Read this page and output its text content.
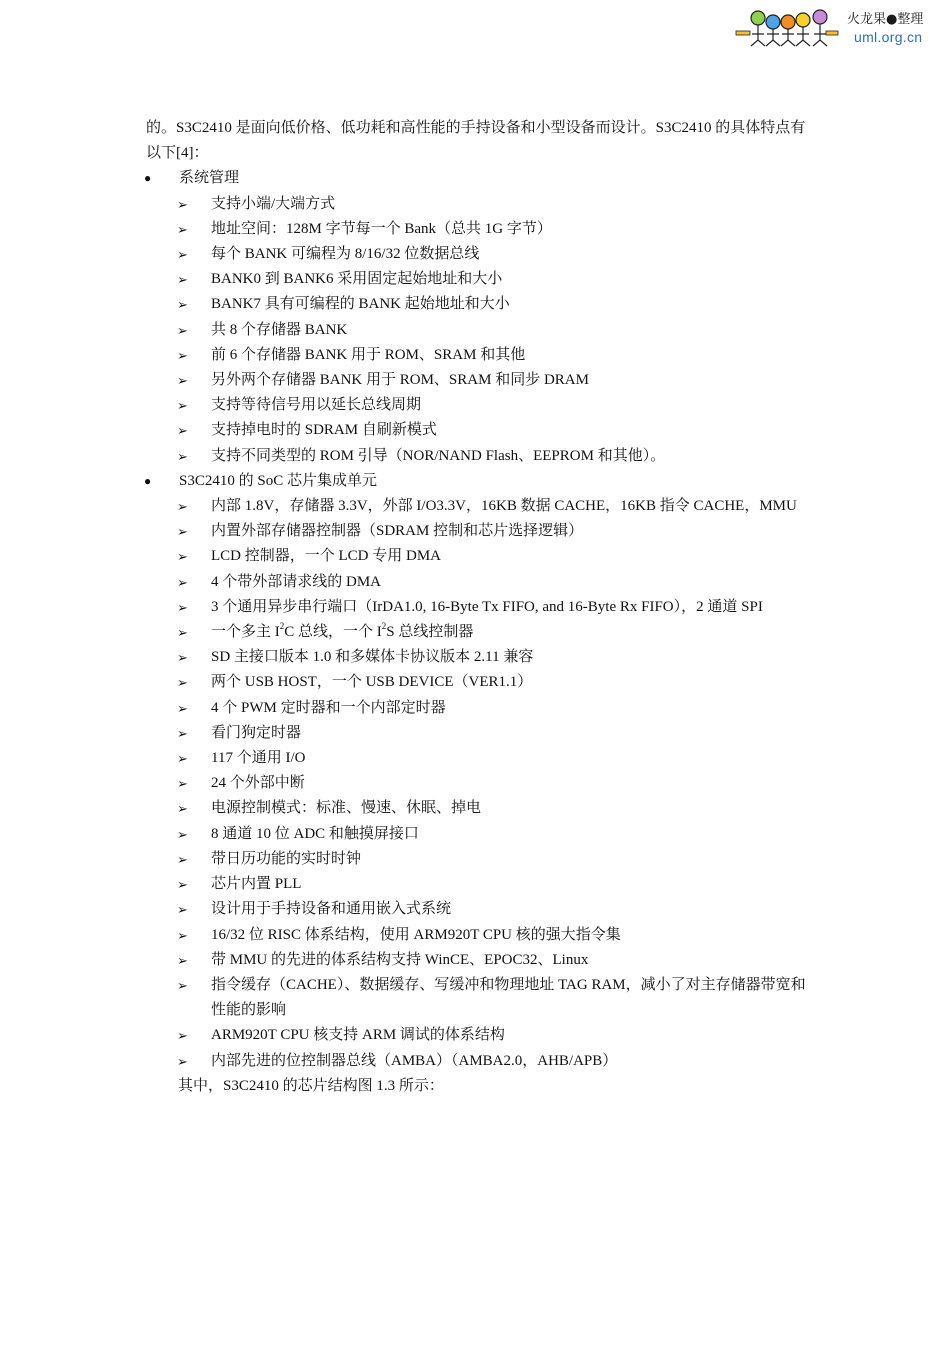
火龙果●整理
uml.org.cn

的。S3C2410 是面向低价格、低功耗和高性能的手持设备和小型设备而设计。S3C2410 的具体特点有以下[4]：

● 系统管理

➢ 支持小端/大端方式

➢ 地址空间：128M 字节每一个 Bank（总共 1G 字节）

➢ 每个 BANK 可编程为 8/16/32 位数据总线

➢ BANK0 到 BANK6 采用固定起始地址和大小

➢ BANK7 具有可编程的 BANK 起始地址和大小

➢ 共 8 个存储器 BANK

➢ 前 6 个存储器 BANK 用于 ROM、SRAM 和其他

➢ 另外两个存储器 BANK 用于 ROM、SRAM 和同步 DRAM

➢ 支持等待信号用以延长总线周期

➢ 支持掉电时的 SDRAM 自刷新模式

➢ 支持不同类型的 ROM 引导（NOR/NAND Flash、EEPROM 和其他）。

● S3C2410 的 SoC 芯片集成单元

➢ 内部 1.8V，存储器 3.3V，外部 I/O3.3V，16KB 数据 CACHE，16KB 指令 CACHE，MMU

➢ 内置外部存储器控制器（SDRAM 控制和芯片选择逻辑）

➢ LCD 控制器，一个 LCD 专用 DMA

➢ 4 个带外部请求线的 DMA

➢ 3 个通用异步串行端口（IrDA1.0, 16-Byte Tx FIFO, and 16-Byte Rx FIFO），2 通道 SPI

➢ 一个多主 $I^2C$ 总线，一个 $I^2S$ 总线控制器

➢ SD 主接口版本 1.0 和多媒体卡协议版本 2.11 兼容

➢ 两个 USB HOST，一个 USB DEVICE（VER1.1）

➢ 4 个 PWM 定时器和一个内部定时器

➢ 看门狗定时器

➢ 117 个通用 I/O

➢ 24 个外部中断

➢ 电源控制模式：标准、慢速、休眠、掉电

➢ 8 通道 10 位 ADC 和触摸屏接口

➢ 带日历功能的实时时钟

➢ 芯片内置 PLL

➢ 设计用于手持设备和通用嵌入式系统

➢ 16/32 位 RISC 体系结构，使用 ARM920T CPU 核的强大指令集

➢ 带 MMU 的先进的体系结构支持 WinCE、EPOC32、Linux

➢ 指令缓存（CACHE）、数据缓存、写缓冲和物理地址 TAG RAM，减小了对主存储器带宽和性能的影响

➢ ARM920T CPU 核支持 ARM 调试的体系结构

➢ 内部先进的位控制器总线（AMBA）（AMBA2.0，AHB/APB）

其中，S3C2410 的芯片结构图 1.3 所示：
